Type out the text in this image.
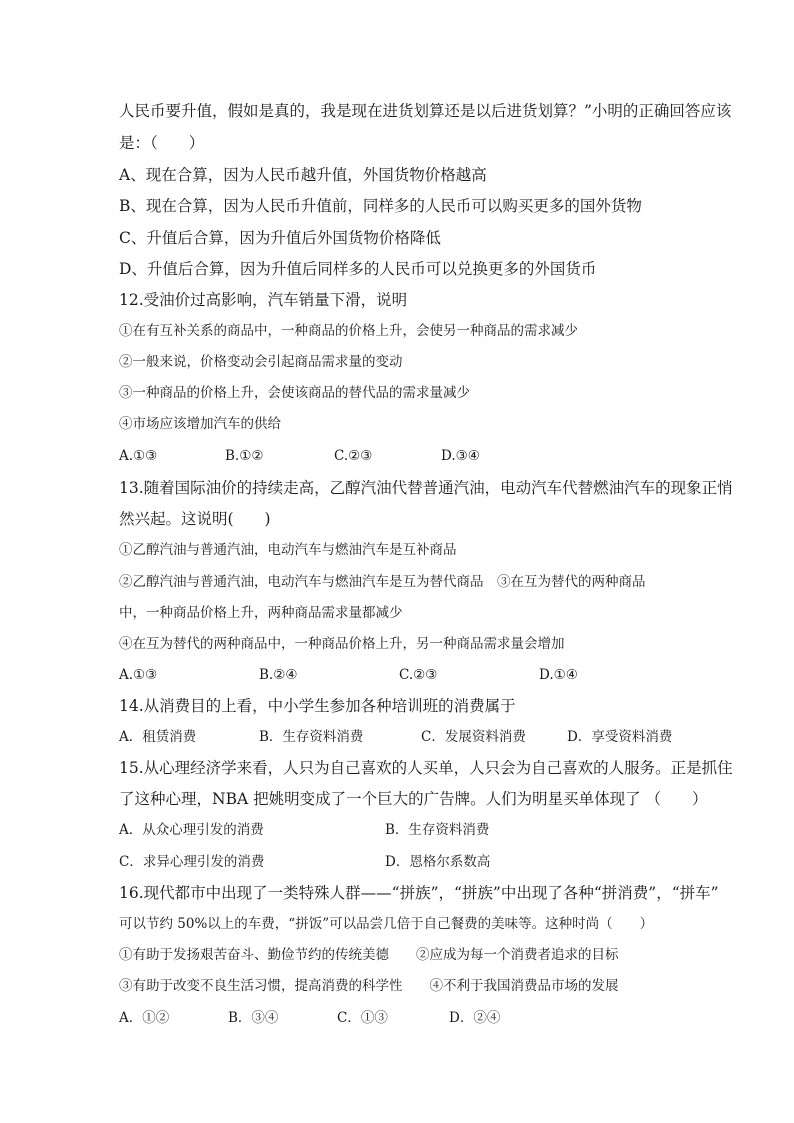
人民币要升值，假如是真的，我是现在进货划算还是以后进货划算？”小明的正确回答应该

是：（　　）

A、现在合算，因为人民币越升值，外国货物价格越高

B、现在合算，因为人民币升值前，同样多的人民币可以购买更多的国外货物

C、升值后合算，因为升值后外国货物价格降低

D、升值后合算，因为升值后同样多的人民币可以兑换更多的外国货币

12.受油价过高影响，汽车销量下滑，说明

①在有互补关系的商品中，一种商品的价格上升，会使另一种商品的需求减少

②一般来说，价格变动会引起商品需求量的变动

③一种商品的价格上升，会使该商品的替代品的需求量减少

④市场应该增加汽车的供给

A.①③	B.①②	C.②③	D.③④

13.随着国际油价的持续走高，乙醇汽油代替普通汽油，电动汽车代替燃油汽车的现象正悄

然兴起。这说明(　　)

①乙醇汽油与普通汽油，电动汽车与燃油汽车是互补商品

②乙醇汽油与普通汽油，电动汽车与燃油汽车是互为替代商品　③在互为替代的两种商品

中，一种商品价格上升，两种商品需求量都减少

④在互为替代的两种商品中，一种商品价格上升，另一种商品需求量会增加

A.①③	B.②④	C.②③	D.①④

14.从消费目的上看，中小学生参加各种培训班的消费属于

A．租赁消费	B．生存资料消费	C．发展资料消费	D．享受资料消费

15.从心理经济学来看，人只为自己喜欢的人买单，人只会为自己喜欢的人服务。正是抓住

了这种心理，NBA 把姚明变成了一个巨大的广告牌。人们为明星买单体现了 （　　）

A．从众心理引发的消费	B．生存资料消费
C．求异心理引发的消费	D．恩格尔系数高

16.现代都市中出现了一类特殊人群——“拼族”，“拼族”中出现了各种“拼消费”，“拼车”

可以节约 50%以上的车费，“拼饭”可以品尝几倍于自己餐费的美味等。这种时尚（　　）

①有助于发扬艰苦奋斗、勤俭节约的传统美德　　②应成为每一个消费者追求的目标

③有助于改变不良生活习惯，提高消费的科学性　　④不利于我国消费品市场的发展

A．①②	B．③④	C．①③	D．②④
